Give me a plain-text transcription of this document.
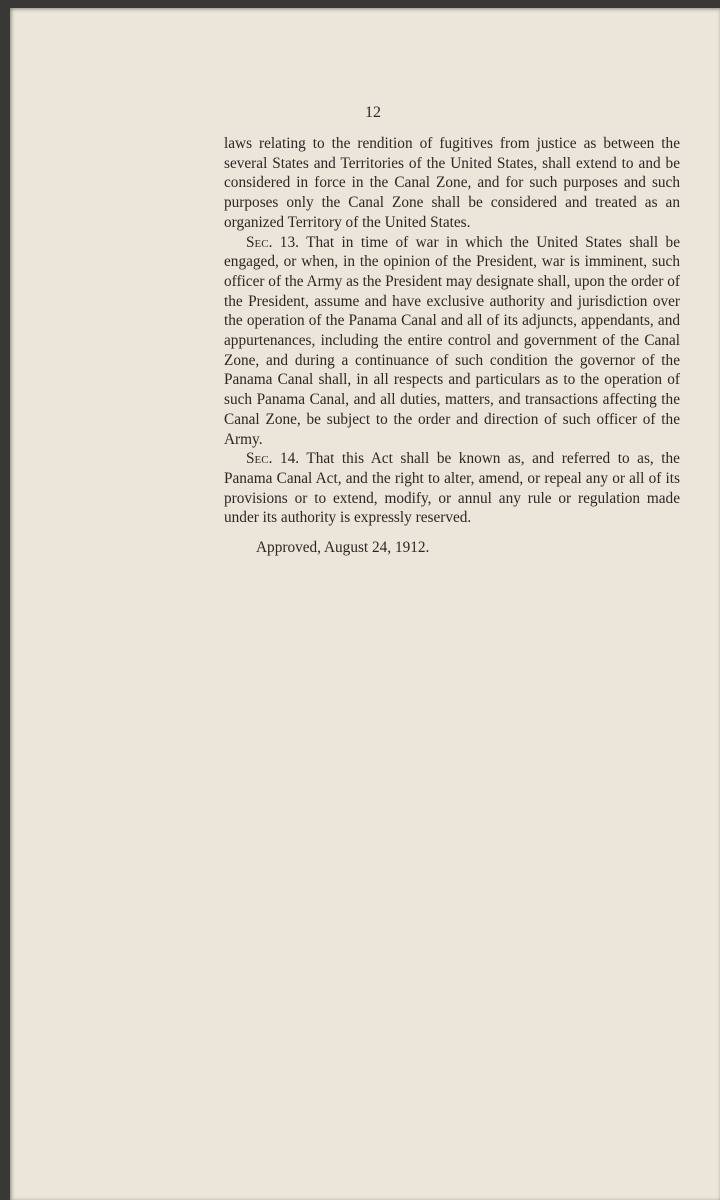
12

laws relating to the rendition of fugitives from justice as between the several States and Territories of the United States, shall extend to and be considered in force in the Canal Zone, and for such purposes and such purposes only the Canal Zone shall be considered and treated as an organized Territory of the United States.

Sec. 13. That in time of war in which the United States shall be engaged, or when, in the opinion of the President, war is imminent, such officer of the Army as the President may designate shall, upon the order of the President, assume and have exclusive authority and jurisdiction over the operation of the Panama Canal and all of its adjuncts, appendants, and appurtenances, including the entire control and government of the Canal Zone, and during a continuance of such condition the governor of the Panama Canal shall, in all respects and particulars as to the operation of such Panama Canal, and all duties, matters, and transactions affecting the Canal Zone, be subject to the order and direction of such officer of the Army.

Sec. 14. That this Act shall be known as, and referred to as, the Panama Canal Act, and the right to alter, amend, or repeal any or all of its provisions or to extend, modify, or annul any rule or regulation made under its authority is expressly reserved.

Approved, August 24, 1912.
